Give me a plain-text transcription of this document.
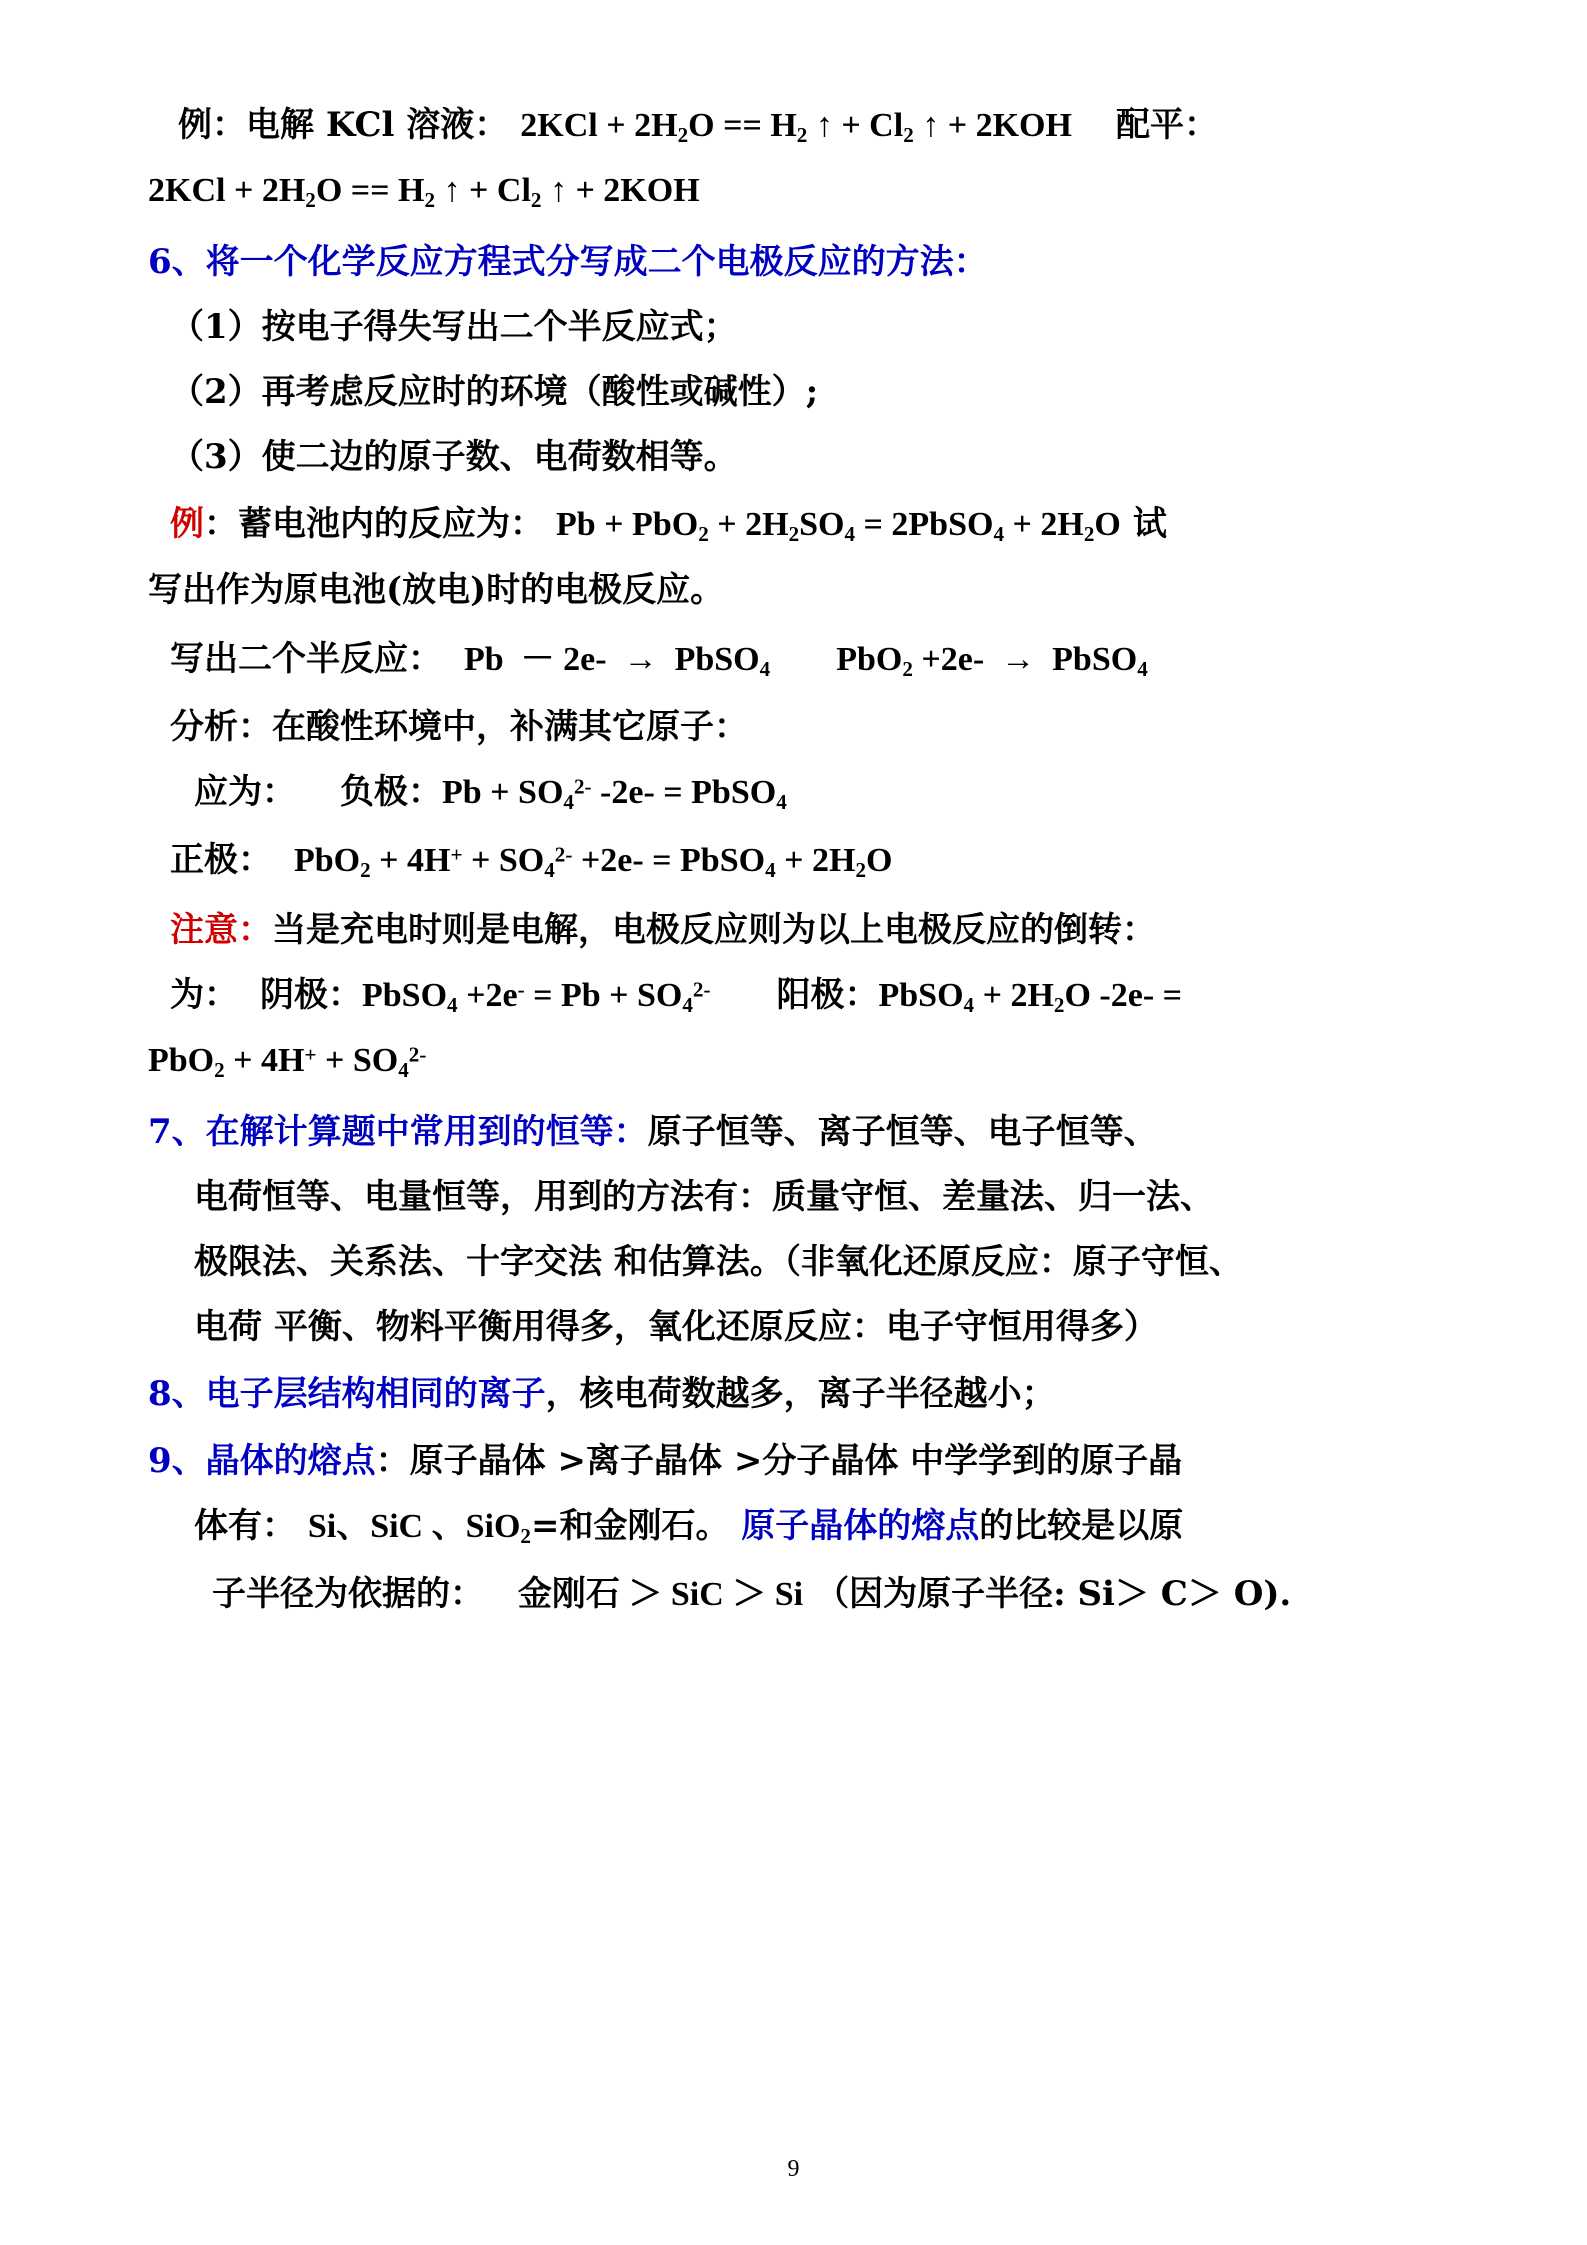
例：电解 KCl 溶液： $2KCl + 2H_2O == H_2$ ↑ + $Cl_2$ ↑ + 2KOH 配平：
$2KCl + 2H_2O == H_2$ ↑ + $Cl_2$ ↑ + 2KOH
6、将一个化学反应方程式分写成二个电极反应的方法：
（1）按电子得失写出二个半反应式；
（2）再考虑反应时的环境（酸性或碱性）;
（3）使二边的原子数、电荷数相等。
例：蓄电池内的反应为： $Pb + PbO_2 + 2H_2SO_4$ = 2PbSO$_4$ + $2H_2O$ 试
写出作为原电池(放电)时的电极反应。
写出二个半反应： Pb  － 2e-  →  PbSO$_4$ PbO$_2$ +2e-  →  PbSO$_4$
分析：在酸性环境中，补满其它原子：
应为： 负极：$Pb + SO_4^{2-}$ -2e- = PbSO$_4$
正极： $PbO_2 + 4H^+ + SO_4^{2-} +2e-$ = PbSO$_4$ + $2H_2O$
注意：当是充电时则是电解，电极反应则为以上电极反应的倒转：
为： 阴极：PbSO$_4$ $+2e^- = Pb + SO_4^{2-}$ 阳极：PbSO$_4$ + $2H_2O$ -2e- =
$PbO_2 + 4H^+ + SO_4^{2-}$
7、在解计算题中常用到的恒等：原子恒等、离子恒等、电子恒等、
电荷恒等、电量恒等，用到的方法有：质量守恒、差量法、归一法、
极限法、关系法、十字交法 和估算法。（非氧化还原反应：原子守恒、
电荷 平衡、物料平衡用得多，氧化还原反应：电子守恒用得多）
8、电子层结构相同的离子，核电荷数越多，离子半径越小；
9、晶体的熔点：原子晶体 >离子晶体 >分子晶体 中学学到的原子晶
体有： Si、SiC 、SiO$_2$=和金刚石。 原子晶体的熔点的比较是以原
子半径为依据的： 金刚石 ＞ SiC ＞ Si （因为原子半径: Si＞ C＞ O).
9
